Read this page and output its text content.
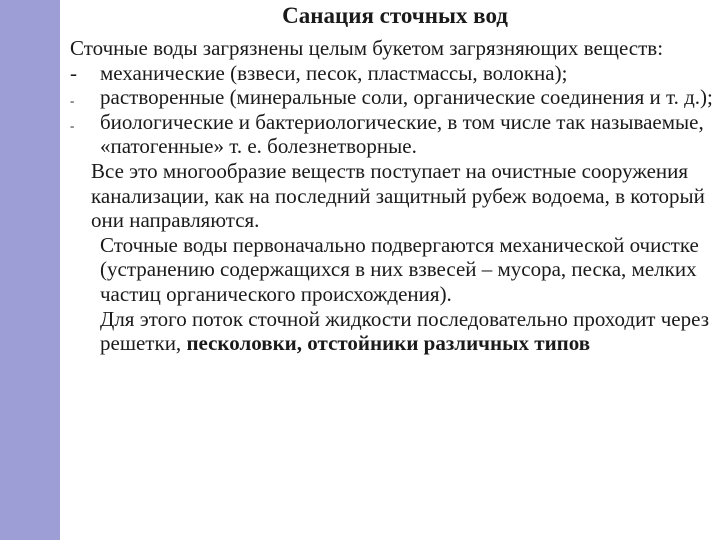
Санация сточных вод

Сточные воды загрязнены целым букетом загрязняющих веществ:

-	механические (взвеси, песок, пластмассы, волокна);

-	растворенные (минеральные соли, органические соединения и т. д.);

-	биологические и бактериологические, в том числе так называемые, «патогенные» т. е. болезнетворные.

Все это многообразие веществ поступает на очистные сооружения канализации, как на последний защитный рубеж водоема, в который они направляются.

Сточные воды первоначально подвергаются механической очистке (устранению содержащихся в них взвесей – мусора, песка, мелких частиц органического происхождения).

Для этого поток сточной жидкости последовательно проходит через решетки, песколовки, отстойники различных типов
